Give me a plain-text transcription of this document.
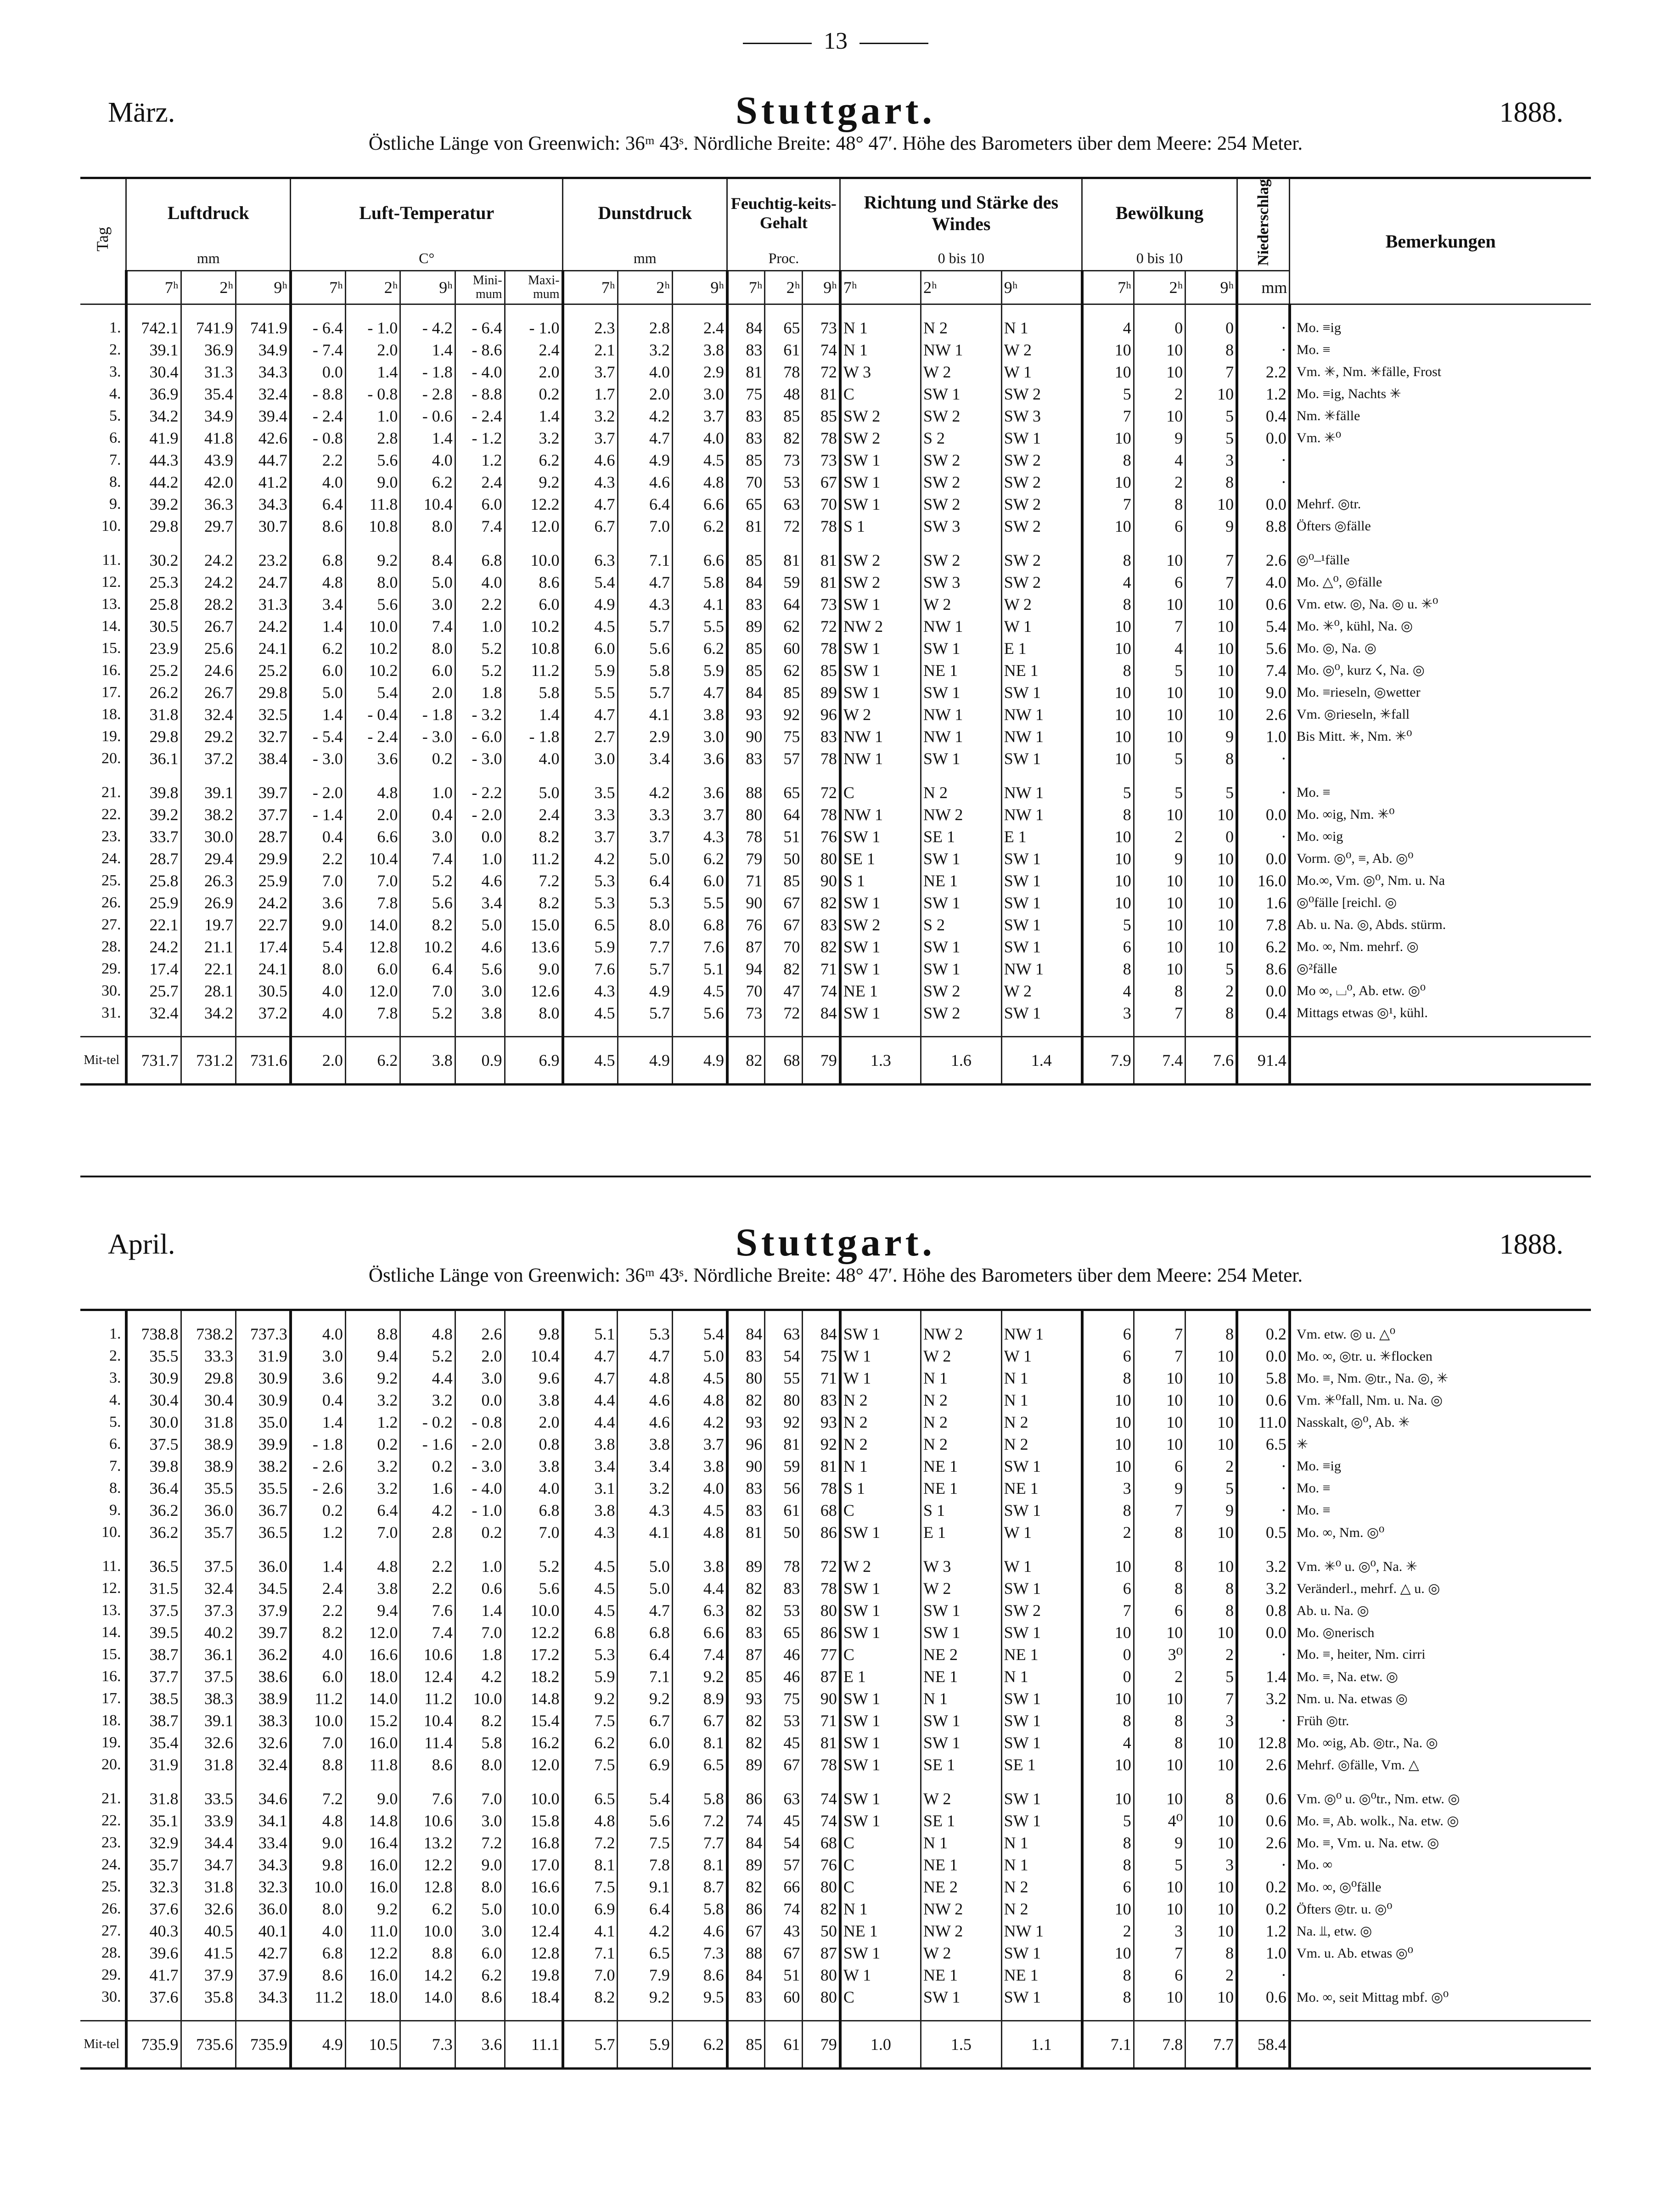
13
März.	Stuttgart.	1888.
Östliche Länge von Greenwich: 36ᵐ 43ˢ. Nördliche Breite: 48° 47′. Höhe des Barometers über dem Meere: 254 Meter.
Tag	Luftdruck			Luft-Temperatur					Dunstdruck			Feuchtig-keits-Gehalt			Richtung und Stärke des Windes			Bewölkung			Niederschlag	Bemerkungen
	mm			C°					mm			Proc.			0 bis 10			0 bis 10				
	7ʰ	2ʰ	9ʰ	7ʰ	2ʰ	9ʰ	Mini-mum	Maxi-mum	7ʰ	2ʰ	9ʰ	7ʰ	2ʰ	9ʰ	7ʰ	2ʰ	9ʰ	7ʰ	2ʰ	9ʰ	mm	

1.	742.1	741.9	741.9	- 6.4	- 1.0	- 4.2	- 6.4	- 1.0	2.3	2.8	2.4	84	65	73	N 1	N 2	N 1	4	0	0	·	Mo. ≡ig
2.	39.1	36.9	34.9	- 7.4	2.0	1.4	- 8.6	2.4	2.1	3.2	3.8	83	61	74	N 1	NW 1	W 2	10	10	8	·	Mo. ≡
3.	30.4	31.3	34.3	0.0	1.4	- 1.8	- 4.0	2.0	3.7	4.0	2.9	81	78	72	W 3	W 2	W 1	10	10	7	2.2	Vm. ✳, Nm. ✳fälle, Frost
4.	36.9	35.4	32.4	- 8.8	- 0.8	- 2.8	- 8.8	0.2	1.7	2.0	3.0	75	48	81	C	SW 1	SW 2	5	2	10	1.2	Mo. ≡ig, Nachts ✳
5.	34.2	34.9	39.4	- 2.4	1.0	- 0.6	- 2.4	1.4	3.2	4.2	3.7	83	85	85	SW 2	SW 2	SW 3	7	10	5	0.4	Nm. ✳fälle
6.	41.9	41.8	42.6	- 0.8	2.8	1.4	- 1.2	3.2	3.7	4.7	4.0	83	82	78	SW 2	S 2	SW 1	10	9	5	0.0	Vm. ✳⁰
7.	44.3	43.9	44.7	2.2	5.6	4.0	1.2	6.2	4.6	4.9	4.5	85	73	73	SW 1	SW 2	SW 2	8	4	3	·	
8.	44.2	42.0	41.2	4.0	9.0	6.2	2.4	9.2	4.3	4.6	4.8	70	53	67	SW 1	SW 2	SW 2	10	2	8	·	
9.	39.2	36.3	34.3	6.4	11.8	10.4	6.0	12.2	4.7	6.4	6.6	65	63	70	SW 1	SW 2	SW 2	7	8	10	0.0	Mehrf. ◎tr.
10.	29.8	29.7	30.7	8.6	10.8	8.0	7.4	12.0	6.7	7.0	6.2	81	72	78	S 1	SW 3	SW 2	10	6	9	8.8	Öfters ◎fälle

11.	30.2	24.2	23.2	6.8	9.2	8.4	6.8	10.0	6.3	7.1	6.6	85	81	81	SW 2	SW 2	SW 2	8	10	7	2.6	◎⁰–¹fälle
12.	25.3	24.2	24.7	4.8	8.0	5.0	4.0	8.6	5.4	4.7	5.8	84	59	81	SW 2	SW 3	SW 2	4	6	7	4.0	Mo. △⁰, ◎fälle
13.	25.8	28.2	31.3	3.4	5.6	3.0	2.2	6.0	4.9	4.3	4.1	83	64	73	SW 1	W 2	W 2	8	10	10	0.6	Vm. etw. ◎, Na. ◎ u. ✳⁰
14.	30.5	26.7	24.2	1.4	10.0	7.4	1.0	10.2	4.5	5.7	5.5	89	62	72	NW 2	NW 1	W 1	10	7	10	5.4	Mo. ✳⁰, kühl, Na. ◎
15.	23.9	25.6	24.1	6.2	10.2	8.0	5.2	10.8	6.0	5.6	6.2	85	60	78	SW 1	SW 1	E 1	10	4	10	5.6	Mo. ◎, Na. ◎
16.	25.2	24.6	25.2	6.0	10.2	6.0	5.2	11.2	5.9	5.8	5.9	85	62	85	SW 1	NE 1	NE 1	8	5	10	7.4	Mo. ◎⁰, kurz ☇, Na. ◎
17.	26.2	26.7	29.8	5.0	5.4	2.0	1.8	5.8	5.5	5.7	4.7	84	85	89	SW 1	SW 1	SW 1	10	10	10	9.0	Mo. ≡rieseln, ◎wetter
18.	31.8	32.4	32.5	1.4	- 0.4	- 1.8	- 3.2	1.4	4.7	4.1	3.8	93	92	96	W 2	NW 1	NW 1	10	10	10	2.6	Vm. ◎rieseln, ✳fall
19.	29.8	29.2	32.7	- 5.4	- 2.4	- 3.0	- 6.0	- 1.8	2.7	2.9	3.0	90	75	83	NW 1	NW 1	NW 1	10	10	9	1.0	Bis Mitt. ✳, Nm. ✳⁰
20.	36.1	37.2	38.4	- 3.0	3.6	0.2	- 3.0	4.0	3.0	3.4	3.6	83	57	78	NW 1	SW 1	SW 1	10	5	8	·	

21.	39.8	39.1	39.7	- 2.0	4.8	1.0	- 2.2	5.0	3.5	4.2	3.6	88	65	72	C	N 2	NW 1	5	5	5	·	Mo. ≡
22.	39.2	38.2	37.7	- 1.4	2.0	0.4	- 2.0	2.4	3.3	3.3	3.7	80	64	78	NW 1	NW 2	NW 1	8	10	10	0.0	Mo. ∞ig, Nm. ✳⁰
23.	33.7	30.0	28.7	0.4	6.6	3.0	0.0	8.2	3.7	3.7	4.3	78	51	76	SW 1	SE 1	E 1	10	2	0	·	Mo. ∞ig
24.	28.7	29.4	29.9	2.2	10.4	7.4	1.0	11.2	4.2	5.0	6.2	79	50	80	SE 1	SW 1	SW 1	10	9	10	0.0	Vorm. ◎⁰, ≡, Ab. ◎⁰
25.	25.8	26.3	25.9	7.0	7.0	5.2	4.6	7.2	5.3	6.4	6.0	71	85	90	S 1	NE 1	SW 1	10	10	10	16.0	Mo.∞, Vm. ◎⁰, Nm. u. Na
26.	25.9	26.9	24.2	3.6	7.8	5.6	3.4	8.2	5.3	5.3	5.5	90	67	82	SW 1	SW 1	SW 1	10	10	10	1.6	◎⁰fälle [reichl. ◎
27.	22.1	19.7	22.7	9.0	14.0	8.2	5.0	15.0	6.5	8.0	6.8	76	67	83	SW 2	S 2	SW 1	5	10	10	7.8	Ab. u. Na. ◎, Abds. stürm.
28.	24.2	21.1	17.4	5.4	12.8	10.2	4.6	13.6	5.9	7.7	7.6	87	70	82	SW 1	SW 1	SW 1	6	10	10	6.2	Mo. ∞, Nm. mehrf. ◎
29.	17.4	22.1	24.1	8.0	6.0	6.4	5.6	9.0	7.6	5.7	5.1	94	82	71	SW 1	SW 1	NW 1	8	10	5	8.6	◎²fälle
30.	25.7	28.1	30.5	4.0	12.0	7.0	3.0	12.6	4.3	4.9	4.5	70	47	74	NE 1	SW 2	W 2	4	8	2	0.0	Mo ∞, ⌴⁰, Ab. etw. ◎⁰
31.	32.4	34.2	37.2	4.0	7.8	5.2	3.8	8.0	4.5	5.7	5.6	73	72	84	SW 1	SW 2	SW 1	3	7	8	0.4	Mittags etwas ◎¹, kühl.

Mit-tel	731.7	731.2	731.6	2.0	6.2	3.8	0.9	6.9	4.5	4.9	4.9	82	68	79	1.3	1.6	1.4	7.9	7.4	7.6	91.4	
April.	Stuttgart.	1888.
Östliche Länge von Greenwich: 36ᵐ 43ˢ. Nördliche Breite: 48° 47′. Höhe des Barometers über dem Meere: 254 Meter.

1.	738.8	738.2	737.3	4.0	8.8	4.8	2.6	9.8	5.1	5.3	5.4	84	63	84	SW 1	NW 2	NW 1	6	7	8	0.2	Vm. etw. ◎ u. △⁰
2.	35.5	33.3	31.9	3.0	9.4	5.2	2.0	10.4	4.7	4.7	5.0	83	54	75	W 1	W 2	W 1	6	7	10	0.0	Mo. ∞, ◎tr. u. ✳flocken
3.	30.9	29.8	30.9	3.6	9.2	4.4	3.0	9.6	4.7	4.8	4.5	80	55	71	W 1	N 1	N 1	8	10	10	5.8	Mo. ≡, Nm. ◎tr., Na. ◎, ✳
4.	30.4	30.4	30.9	0.4	3.2	3.2	0.0	3.8	4.4	4.6	4.8	82	80	83	N 2	N 2	N 1	10	10	10	0.6	Vm. ✳⁰fall, Nm. u. Na. ◎
5.	30.0	31.8	35.0	1.4	1.2	- 0.2	- 0.8	2.0	4.4	4.6	4.2	93	92	93	N 2	N 2	N 2	10	10	10	11.0	Nasskalt, ◎⁰, Ab. ✳
6.	37.5	38.9	39.9	- 1.8	0.2	- 1.6	- 2.0	0.8	3.8	3.8	3.7	96	81	92	N 2	N 2	N 2	10	10	10	6.5	✳
7.	39.8	38.9	38.2	- 2.6	3.2	0.2	- 3.0	3.8	3.4	3.4	3.8	90	59	81	N 1	NE 1	SW 1	10	6	2	·	Mo. ≡ig
8.	36.4	35.5	35.5	- 2.6	3.2	1.6	- 4.0	4.0	3.1	3.2	4.0	83	56	78	S 1	NE 1	NE 1	3	9	5	·	Mo. ≡
9.	36.2	36.0	36.7	0.2	6.4	4.2	- 1.0	6.8	3.8	4.3	4.5	83	61	68	C	S 1	SW 1	8	7	9	·	Mo. ≡
10.	36.2	35.7	36.5	1.2	7.0	2.8	0.2	7.0	4.3	4.1	4.8	81	50	86	SW 1	E 1	W 1	2	8	10	0.5	Mo. ∞, Nm. ◎⁰

11.	36.5	37.5	36.0	1.4	4.8	2.2	1.0	5.2	4.5	5.0	3.8	89	78	72	W 2	W 3	W 1	10	8	10	3.2	Vm. ✳⁰ u. ◎⁰, Na. ✳
12.	31.5	32.4	34.5	2.4	3.8	2.2	0.6	5.6	4.5	5.0	4.4	82	83	78	SW 1	W 2	SW 1	6	8	8	3.2	Veränderl., mehrf. △ u. ◎
13.	37.5	37.3	37.9	2.2	9.4	7.6	1.4	10.0	4.5	4.7	6.3	82	53	80	SW 1	SW 1	SW 2	7	6	8	0.8	Ab. u. Na. ◎
14.	39.5	40.2	39.7	8.2	12.0	7.4	7.0	12.2	6.8	6.8	6.6	83	65	86	SW 1	SW 1	SW 1	10	10	10	0.0	Mo. ◎nerisch
15.	38.7	36.1	36.2	4.0	16.6	10.6	1.8	17.2	5.3	6.4	7.4	87	46	77	C	NE 2	NE 1	0	3⁰	2	·	Mo. ≡, heiter, Nm. cirri
16.	37.7	37.5	38.6	6.0	18.0	12.4	4.2	18.2	5.9	7.1	9.2	85	46	87	E 1	NE 1	N 1	0	2	5	1.4	Mo. ≡, Na. etw. ◎
17.	38.5	38.3	38.9	11.2	14.0	11.2	10.0	14.8	9.2	9.2	8.9	93	75	90	SW 1	N 1	SW 1	10	10	7	3.2	Nm. u. Na. etwas ◎
18.	38.7	39.1	38.3	10.0	15.2	10.4	8.2	15.4	7.5	6.7	6.7	82	53	71	SW 1	SW 1	SW 1	8	8	3	·	Früh ◎tr.
19.	35.4	32.6	32.6	7.0	16.0	11.4	5.8	16.2	6.2	6.0	8.1	82	45	81	SW 1	SW 1	SW 1	4	8	10	12.8	Mo. ∞ig, Ab. ◎tr., Na. ◎
20.	31.9	31.8	32.4	8.8	11.8	8.6	8.0	12.0	7.5	6.9	6.5	89	67	78	SW 1	SE 1	SE 1	10	10	10	2.6	Mehrf. ◎fälle, Vm. △

21.	31.8	33.5	34.6	7.2	9.0	7.6	7.0	10.0	6.5	5.4	5.8	86	63	74	SW 1	W 2	SW 1	10	10	8	0.6	Vm. ◎⁰ u. ◎⁰tr., Nm. etw. ◎
22.	35.1	33.9	34.1	4.8	14.8	10.6	3.0	15.8	4.8	5.6	7.2	74	45	74	SW 1	SE 1	SW 1	5	4⁰	10	0.6	Mo. ≡, Ab. wolk., Na. etw. ◎
23.	32.9	34.4	33.4	9.0	16.4	13.2	7.2	16.8	7.2	7.5	7.7	84	54	68	C	N 1	N 1	8	9	10	2.6	Mo. ≡, Vm. u. Na. etw. ◎
24.	35.7	34.7	34.3	9.8	16.0	12.2	9.0	17.0	8.1	7.8	8.1	89	57	76	C	NE 1	N 1	8	5	3	·	Mo. ∞
25.	32.3	31.8	32.3	10.0	16.0	12.8	8.0	16.6	7.5	9.1	8.7	82	66	80	C	NE 2	N 2	6	10	10	0.2	Mo. ∞, ◎⁰fälle
26.	37.6	32.6	36.0	8.0	9.2	6.2	5.0	10.0	6.9	6.4	5.8	86	74	82	N 1	NW 2	N 2	10	10	10	0.2	Öfters ◎tr. u. ◎⁰
27.	40.3	40.5	40.1	4.0	11.0	10.0	3.0	12.4	4.1	4.2	4.6	67	43	50	NE 1	NW 2	NW 1	2	3	10	1.2	Na. ⫫, etw. ◎
28.	39.6	41.5	42.7	6.8	12.2	8.8	6.0	12.8	7.1	6.5	7.3	88	67	87	SW 1	W 2	SW 1	10	7	8	1.0	Vm. u. Ab. etwas ◎⁰
29.	41.7	37.9	37.9	8.6	16.0	14.2	6.2	19.8	7.0	7.9	8.6	84	51	80	W 1	NE 1	NE 1	8	6	2	·	
30.	37.6	35.8	34.3	11.2	18.0	14.0	8.6	18.4	8.2	9.2	9.5	83	60	80	C	SW 1	SW 1	8	10	10	0.6	Mo. ∞, seit Mittag mbf. ◎⁰

Mit-tel	735.9	735.6	735.9	4.9	10.5	7.3	3.6	11.1	5.7	5.9	6.2	85	61	79	1.0	1.5	1.1	7.1	7.8	7.7	58.4	
